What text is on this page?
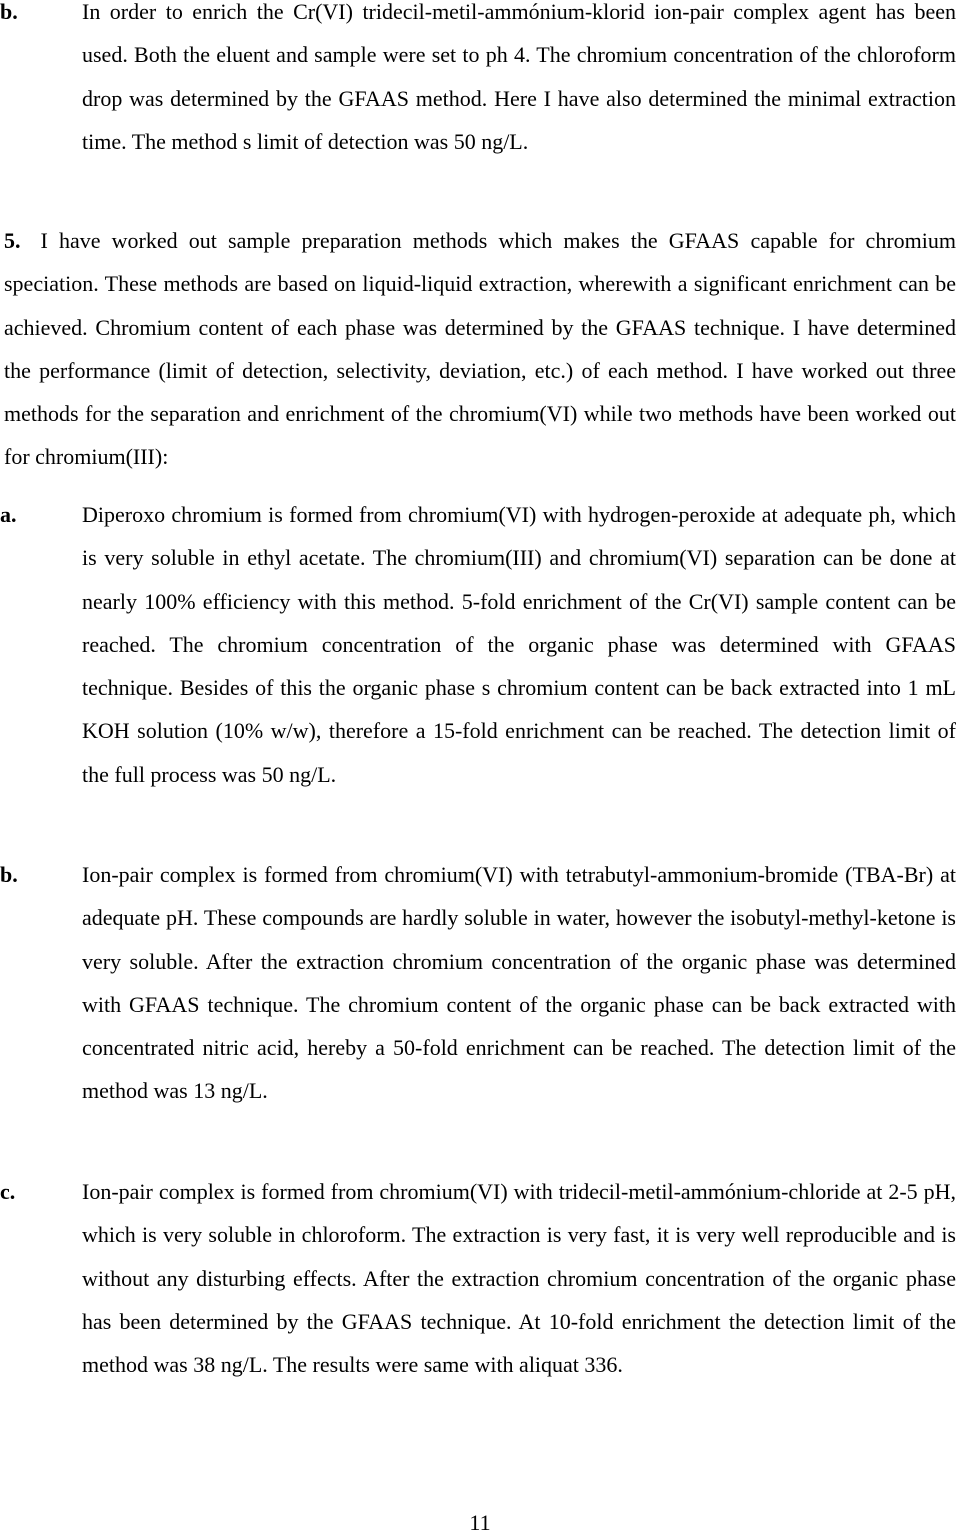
b.	In order to enrich the Cr(VI) tridecil-metil-ammónium-klorid ion-pair complex agent has been used. Both the eluent and sample were set to ph 4. The chromium concentration of the chloroform drop was determined by the GFAAS method. Here I have also determined the minimal extraction time. The method s limit of detection was 50 ng/L.
5. I have worked out sample preparation methods which makes the GFAAS capable for chromium speciation. These methods are based on liquid-liquid extraction, wherewith a significant enrichment can be achieved. Chromium content of each phase was determined by the GFAAS technique. I have determined the performance (limit of detection, selectivity, deviation, etc.) of each method. I have worked out three methods for the separation and enrichment of the chromium(VI) while two methods have been worked out for chromium(III):
a.	Diperoxo chromium is formed from chromium(VI) with hydrogen-peroxide at adequate ph, which is very soluble in ethyl acetate. The chromium(III) and chromium(VI) separation can be done at nearly 100% efficiency with this method. 5-fold enrichment of the Cr(VI) sample content can be reached. The chromium concentration of the organic phase was determined with GFAAS technique. Besides of this the organic phase s chromium content can be back extracted into 1 mL KOH solution (10% w/w), therefore a 15-fold enrichment can be reached. The detection limit of the full process was 50 ng/L.
b.	Ion-pair complex is formed from chromium(VI) with tetrabutyl-ammonium-bromide (TBA-Br) at adequate pH. These compounds are hardly soluble in water, however the isobutyl-methyl-ketone is very soluble. After the extraction chromium concentration of the organic phase was determined with GFAAS technique. The chromium content of the organic phase can be back extracted with concentrated nitric acid, hereby a 50-fold enrichment can be reached. The detection limit of the method was 13 ng/L.
c.	Ion-pair complex is formed from chromium(VI) with tridecil-metil-ammónium-chloride at 2-5 pH, which is very soluble in chloroform. The extraction is very fast, it is very well reproducible and is without any disturbing effects. After the extraction chromium concentration of the organic phase has been determined by the GFAAS technique. At 10-fold enrichment the detection limit of the method was 38 ng/L. The results were same with aliquat 336.
11
